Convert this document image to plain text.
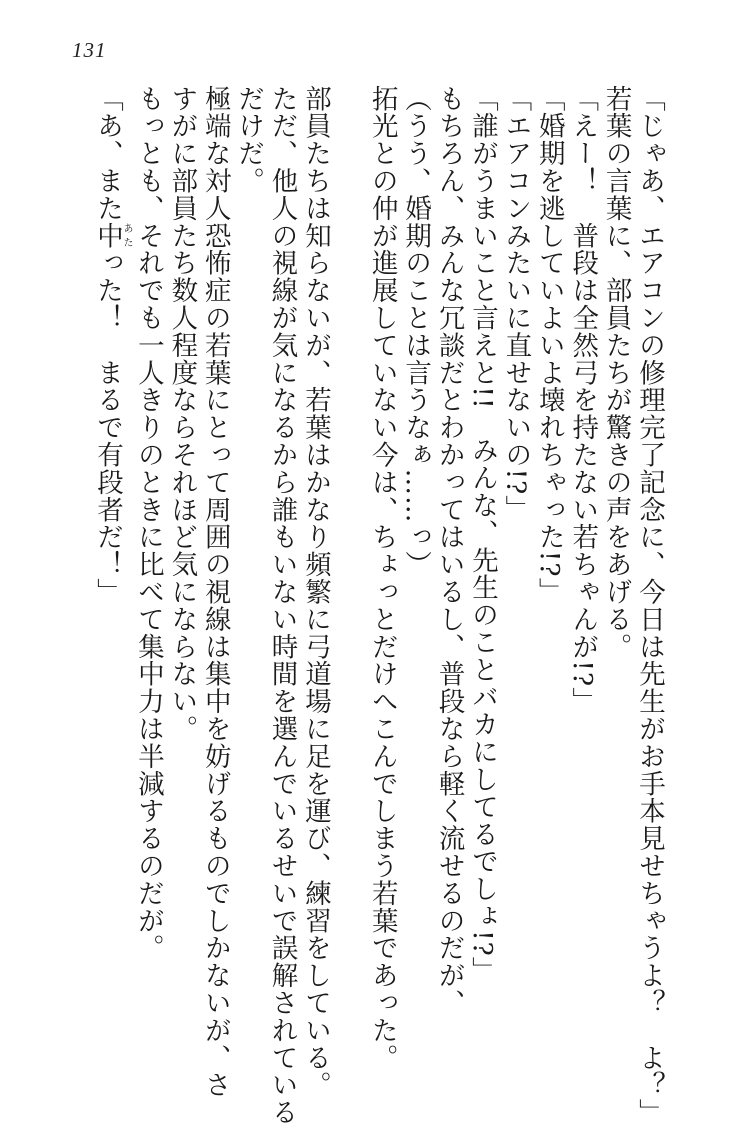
131
「じゃあ、エアコンの修理完了記念に、今日は先生がお手本見せちゃうよ？　よ？」
若葉の言葉に、部員たちが驚きの声をあげる。
「えー！　普段は全然弓を持たない若ちゃんが!?」
「婚期を逃していよいよ壊れちゃった!?」
「エアコンみたいに直せないの!?」
「誰がうまいこと言えと!!　みんな、先生のことバカにしてるでしょ!?」
もちろん、みんな冗談だとわかってはいるし、普段なら軽く流せるのだが、
（うう、婚期のことは言うなぁ……っ）
拓光との仲が進展していない今は、ちょっとだけへこんでしまう若葉であった。
部員たちは知らないが、若葉はかなり頻繁に弓道場に足を運び、練習をしている。
ただ、他人の視線が気になるから誰もいない時間を選んでいるせいで誤解されている
だけだ。
極端な対人恐怖症の若葉にとって周囲の視線は集中を妨げるものでしかないが、さ
すがに部員たち数人程度ならそれほど気にならない。
もっとも、それでも一人きりのときに比べて集中力は半減するのだが。
「あ、また中あたった！　まるで有段者だ！」
